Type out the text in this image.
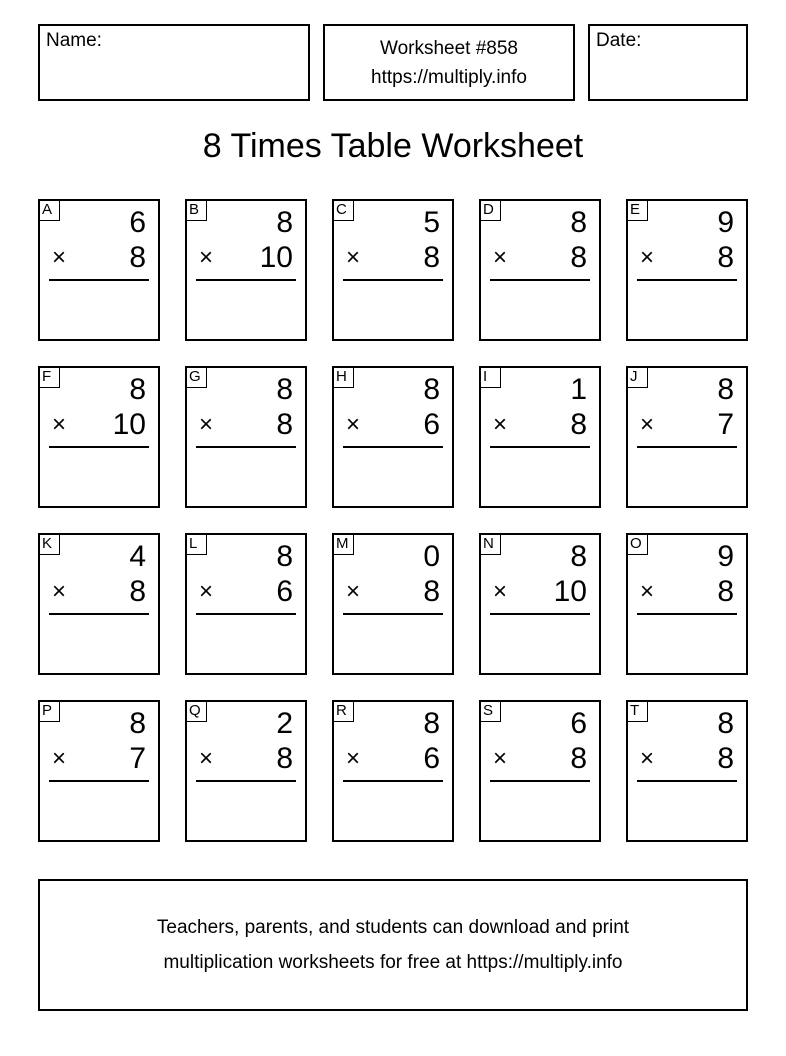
Name:	Worksheet #858
https://multiply.info
Date:
8 Times Table Worksheet
A	6
× 8
B	8
× 10
C	5
× 8
D	8
× 8
E	9
× 8
F	8
× 10
G	8
× 8
H	8
× 6
I	1
× 8
J	8
× 7
K	4
× 8
L	8
× 6
M 0
× 8
N	8
× 10
O	9
× 8
P	8
× 7
Q	2
× 8
R	8
× 6
S	6
× 8
T	8
× 8
Teachers, parents, and students can download and print
multiplication worksheets for free at https://multiply.info
